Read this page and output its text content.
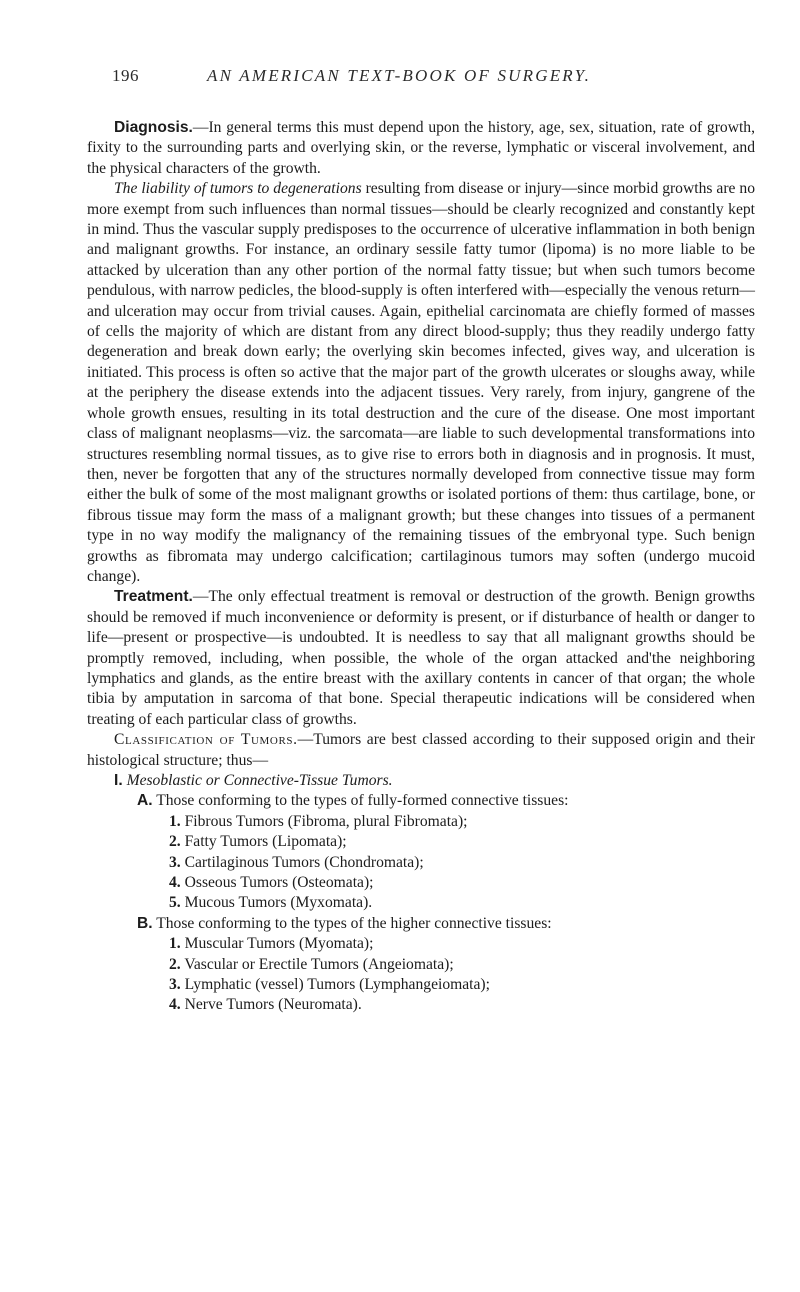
196	AN AMERICAN TEXT-BOOK OF SURGERY.

Diagnosis.—In general terms this must depend upon the history, age, sex, situation, rate of growth, fixity to the surrounding parts and overlying skin, or the reverse, lymphatic or visceral involvement, and the physical characters of the growth.

The liability of tumors to degenerations resulting from disease or injury—since morbid growths are no more exempt from such influences than normal tissues—should be clearly recognized and constantly kept in mind. Thus the vascular supply predisposes to the occurrence of ulcerative inflammation in both benign and malignant growths. For instance, an ordinary sessile fatty tumor (lipoma) is no more liable to be attacked by ulceration than any other portion of the normal fatty tissue; but when such tumors become pendulous, with narrow pedicles, the blood-supply is often interfered with—especially the venous return—and ulceration may occur from trivial causes. Again, epithelial carcinomata are chiefly formed of masses of cells the majority of which are distant from any direct blood-supply; thus they readily undergo fatty degeneration and break down early; the overlying skin becomes infected, gives way, and ulceration is initiated. This process is often so active that the major part of the growth ulcerates or sloughs away, while at the periphery the disease extends into the adjacent tissues. Very rarely, from injury, gangrene of the whole growth ensues, resulting in its total destruction and the cure of the disease. One most important class of malignant neoplasms—viz. the sarcomata—are liable to such developmental transformations into structures resembling normal tissues, as to give rise to errors both in diagnosis and in prognosis. It must, then, never be forgotten that any of the structures normally developed from connective tissue may form either the bulk of some of the most malignant growths or isolated portions of them: thus cartilage, bone, or fibrous tissue may form the mass of a malignant growth; but these changes into tissues of a permanent type in no way modify the malignancy of the remaining tissues of the embryonal type. Such benign growths as fibromata may undergo calcification; cartilaginous tumors may soften (undergo mucoid change).

Treatment.—The only effectual treatment is removal or destruction of the growth. Benign growths should be removed if much inconvenience or deformity is present, or if disturbance of health or danger to life—present or prospective—is undoubted. It is needless to say that all malignant growths should be promptly removed, including, when possible, the whole of the organ attacked and'the neighboring lymphatics and glands, as the entire breast with the axillary contents in cancer of that organ; the whole tibia by amputation in sarcoma of that bone. Special therapeutic indications will be considered when treating of each particular class of growths.

Classification of Tumors.—Tumors are best classed according to their supposed origin and their histological structure; thus—

I. Mesoblastic or Connective-Tissue Tumors.

A. Those conforming to the types of fully-formed connective tissues:

1. Fibrous Tumors (Fibroma, plural Fibromata);

2. Fatty Tumors (Lipomata);

3. Cartilaginous Tumors (Chondromata);

4. Osseous Tumors (Osteomata);

5. Mucous Tumors (Myxomata).

B. Those conforming to the types of the higher connective tissues:

1. Muscular Tumors (Myomata);

2. Vascular or Erectile Tumors (Angeiomata);

3. Lymphatic (vessel) Tumors (Lymphangeiomata);

4. Nerve Tumors (Neuromata).
